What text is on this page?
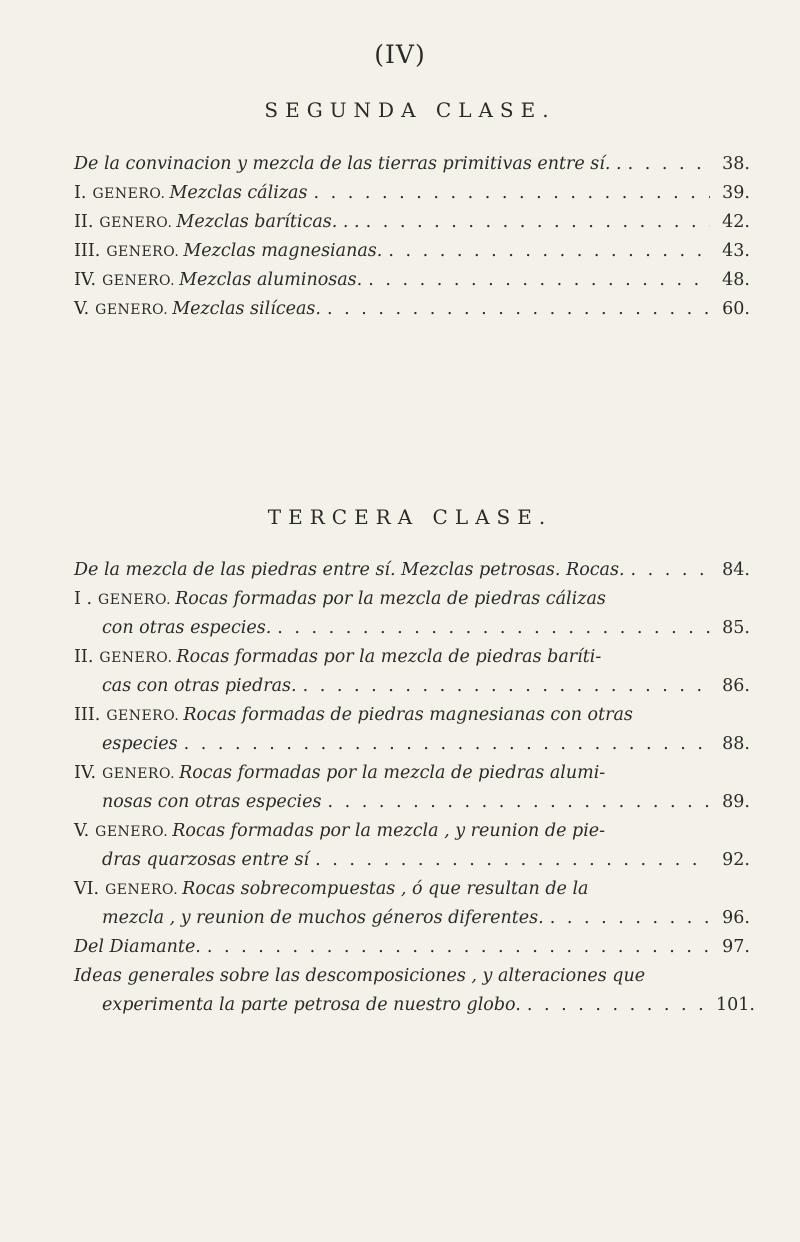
(IV)
SEGUNDA CLASE.
De la convinacion y mezcla de las tierras primitivas entre sí. . . . .	38.
I. GENERO. Mezclas cálizas . . .	39.
II. GENERO. Mezclas baríticas. . . . . .	42.
III. GENERO. Mezclas magnesianas. . . .	43.
IV. GENERO. Mezclas aluminosas. . . .	48.
V. GENERO. Mezclas silíceas. . . .	60.
TERCERA CLASE.
De la mezcla de las piedras entre sí. Mezclas petrosas. Rocas. . . .	84.
I . GENERO. Rocas formadas por la mezcla de piedras cálizas
con otras especies. . . .	85.
II. GENERO. Rocas formadas por la mezcla de piedras baríti-
cas con otras piedras. . . .	86.
III. GENERO. Rocas formadas de piedras magnesianas con otras
especies . . .	88.
IV. GENERO. Rocas formadas por la mezcla de piedras alumi-
nosas con otras especies . . .	89.
V. GENERO. Rocas formadas por la mezcla , y reunion de pie-
dras quarzosas entre sí . . .	92.
VI. GENERO. Rocas sobrecompuestas , ó que resultan de la
mezcla , y reunion de muchos géneros diferentes. . . .	96.
Del Diamante. . . .	97.
Ideas generales sobre las descomposiciones , y alteraciones que
experimenta la parte petrosa de nuestro globo. . . .	101.
